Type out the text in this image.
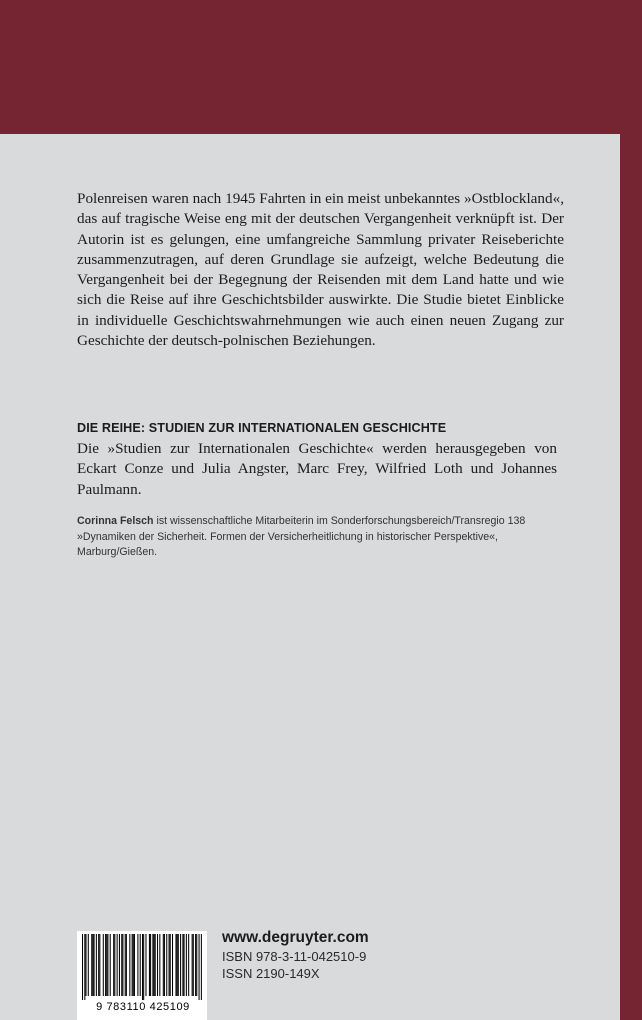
Polenreisen waren nach 1945 Fahrten in ein meist unbekanntes »Ostblockland«, das auf tragische Weise eng mit der deutschen Vergangenheit verknüpft ist. Der Autorin ist es gelungen, eine umfangreiche Sammlung privater Reiseberichte zusammenzutragen, auf deren Grundlage sie aufzeigt, welche Bedeutung die Vergangenheit bei der Begegnung der Reisenden mit dem Land hatte und wie sich die Reise auf ihre Geschichtsbilder auswirkte. Die Studie bietet Einblicke in individuelle Geschichtswahrnehmungen wie auch einen neuen Zugang zur Geschichte der deutsch-polnischen Beziehungen.

DIE REIHE: STUDIEN ZUR INTERNATIONALEN GESCHICHTE

Die »Studien zur Internationalen Geschichte« werden herausgegeben von Eckart Conze und Julia Angster, Marc Frey, Wilfried Loth und Johannes Paulmann.

Corinna Felsch ist wissenschaftliche Mitarbeiterin im Sonderforschungsbereich/Transregio 138 »Dynamiken der Sicherheit. Formen der Versicherheitlichung in historischer Perspektive«, Marburg/Gießen.

9 783110 425109
www.degruyter.com
ISBN 978-3-11-042510-9
ISSN 2190-149X
